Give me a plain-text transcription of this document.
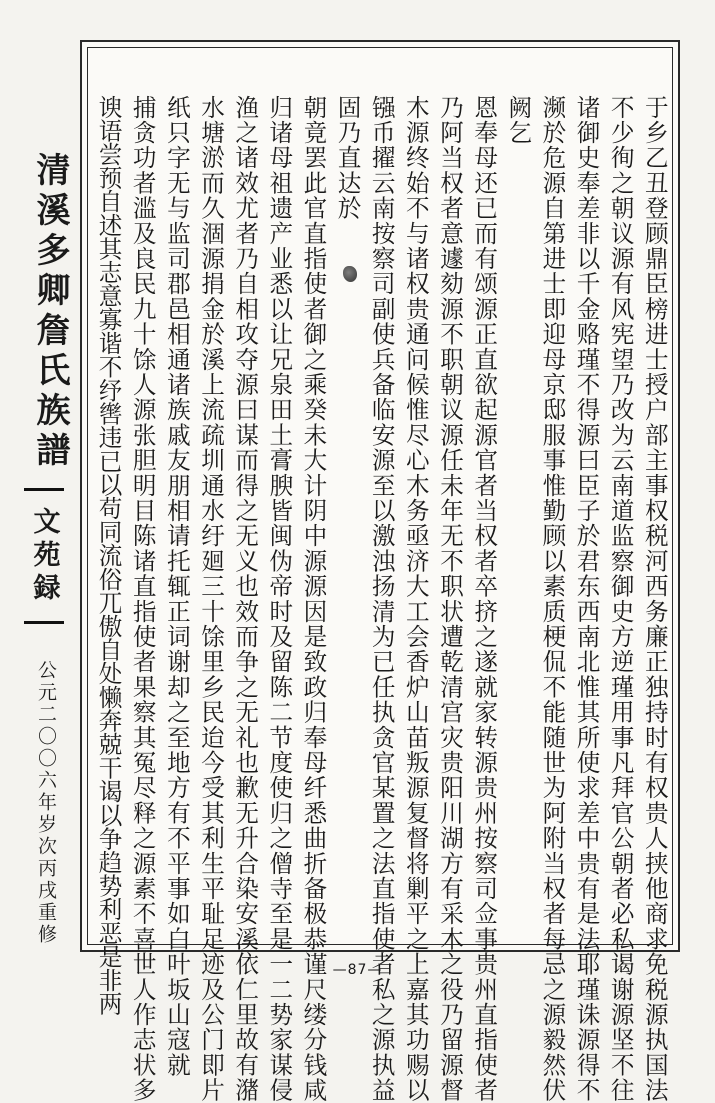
清溪多卿詹氏族譜

文苑録

公元二〇〇六年岁次丙戌重修	于乡乙丑登顾鼎臣榜进士授户部主事权税河西务廉正独持时有权贵人挟他商求免税源执国法

不少徇之朝议源有风宪望乃改为云南道监察御史方逆瑾用事凡拜官公朝者必私谒谢源坚不往

诸御史奉差非以千金赂瑾不得源曰臣子於君东西南北惟其所使求差中贵有是法耶瑾诛源得不

濒於危源自第进士即迎母京邸服事惟勤顾以素质梗侃不能随世为阿附当权者每忌之源毅然伏

阙乞

恩奉母还已而有颂源正直欲起源官者当权者卒挤之遂就家转源贵州按察司佥事贵州直指使者

乃阿当权者意遽劾源不职朝议源任未年无不职状遭乾清宫灾贵阳川湖方有采木之役乃留源督

木源终始不与诸权贵通问候惟尽心木务亟济大工会香炉山苗叛源复督将剿平之上嘉其功赐以

镪币擢云南按察司副使兵备临安源至以激浊扬清为已任执贪官某置之法直指使者私之源执益

固乃直达於

朝竟罢此官直指使者御之乘癸未大计阴中源源因是致政归奉母纤悉曲折备极恭谨尺缕分钱咸

归诸母祖遗产业悉以让兄泉田土膏腴皆闽伪帝时及留陈二节度使归之僧寺至是一二势家谋侵

渔之诸效尤者乃自相攻夺源曰谋而得之无义也效而争之无礼也歉无升合染安溪依仁里故有潴

水塘淤而久涸源捐金於溪上流疏圳通水纡廻三十馀里乡民迨今受其利生平耻足迹及公门即片

纸只字无与监司郡邑相通诸族戚友朋相请托辄正词谢却之至地方有不平事如白叶坂山寇就

捕贪功者滥及良民九十馀人源张胆明目陈诸直指使者果察其冤尽释之源素不喜世人作志状多

谀语尝预自述其志意寡谐不纾辔违已以苟同流俗兀傲自处懒奔兢干谒以争趋势利恶是非两	—87—
